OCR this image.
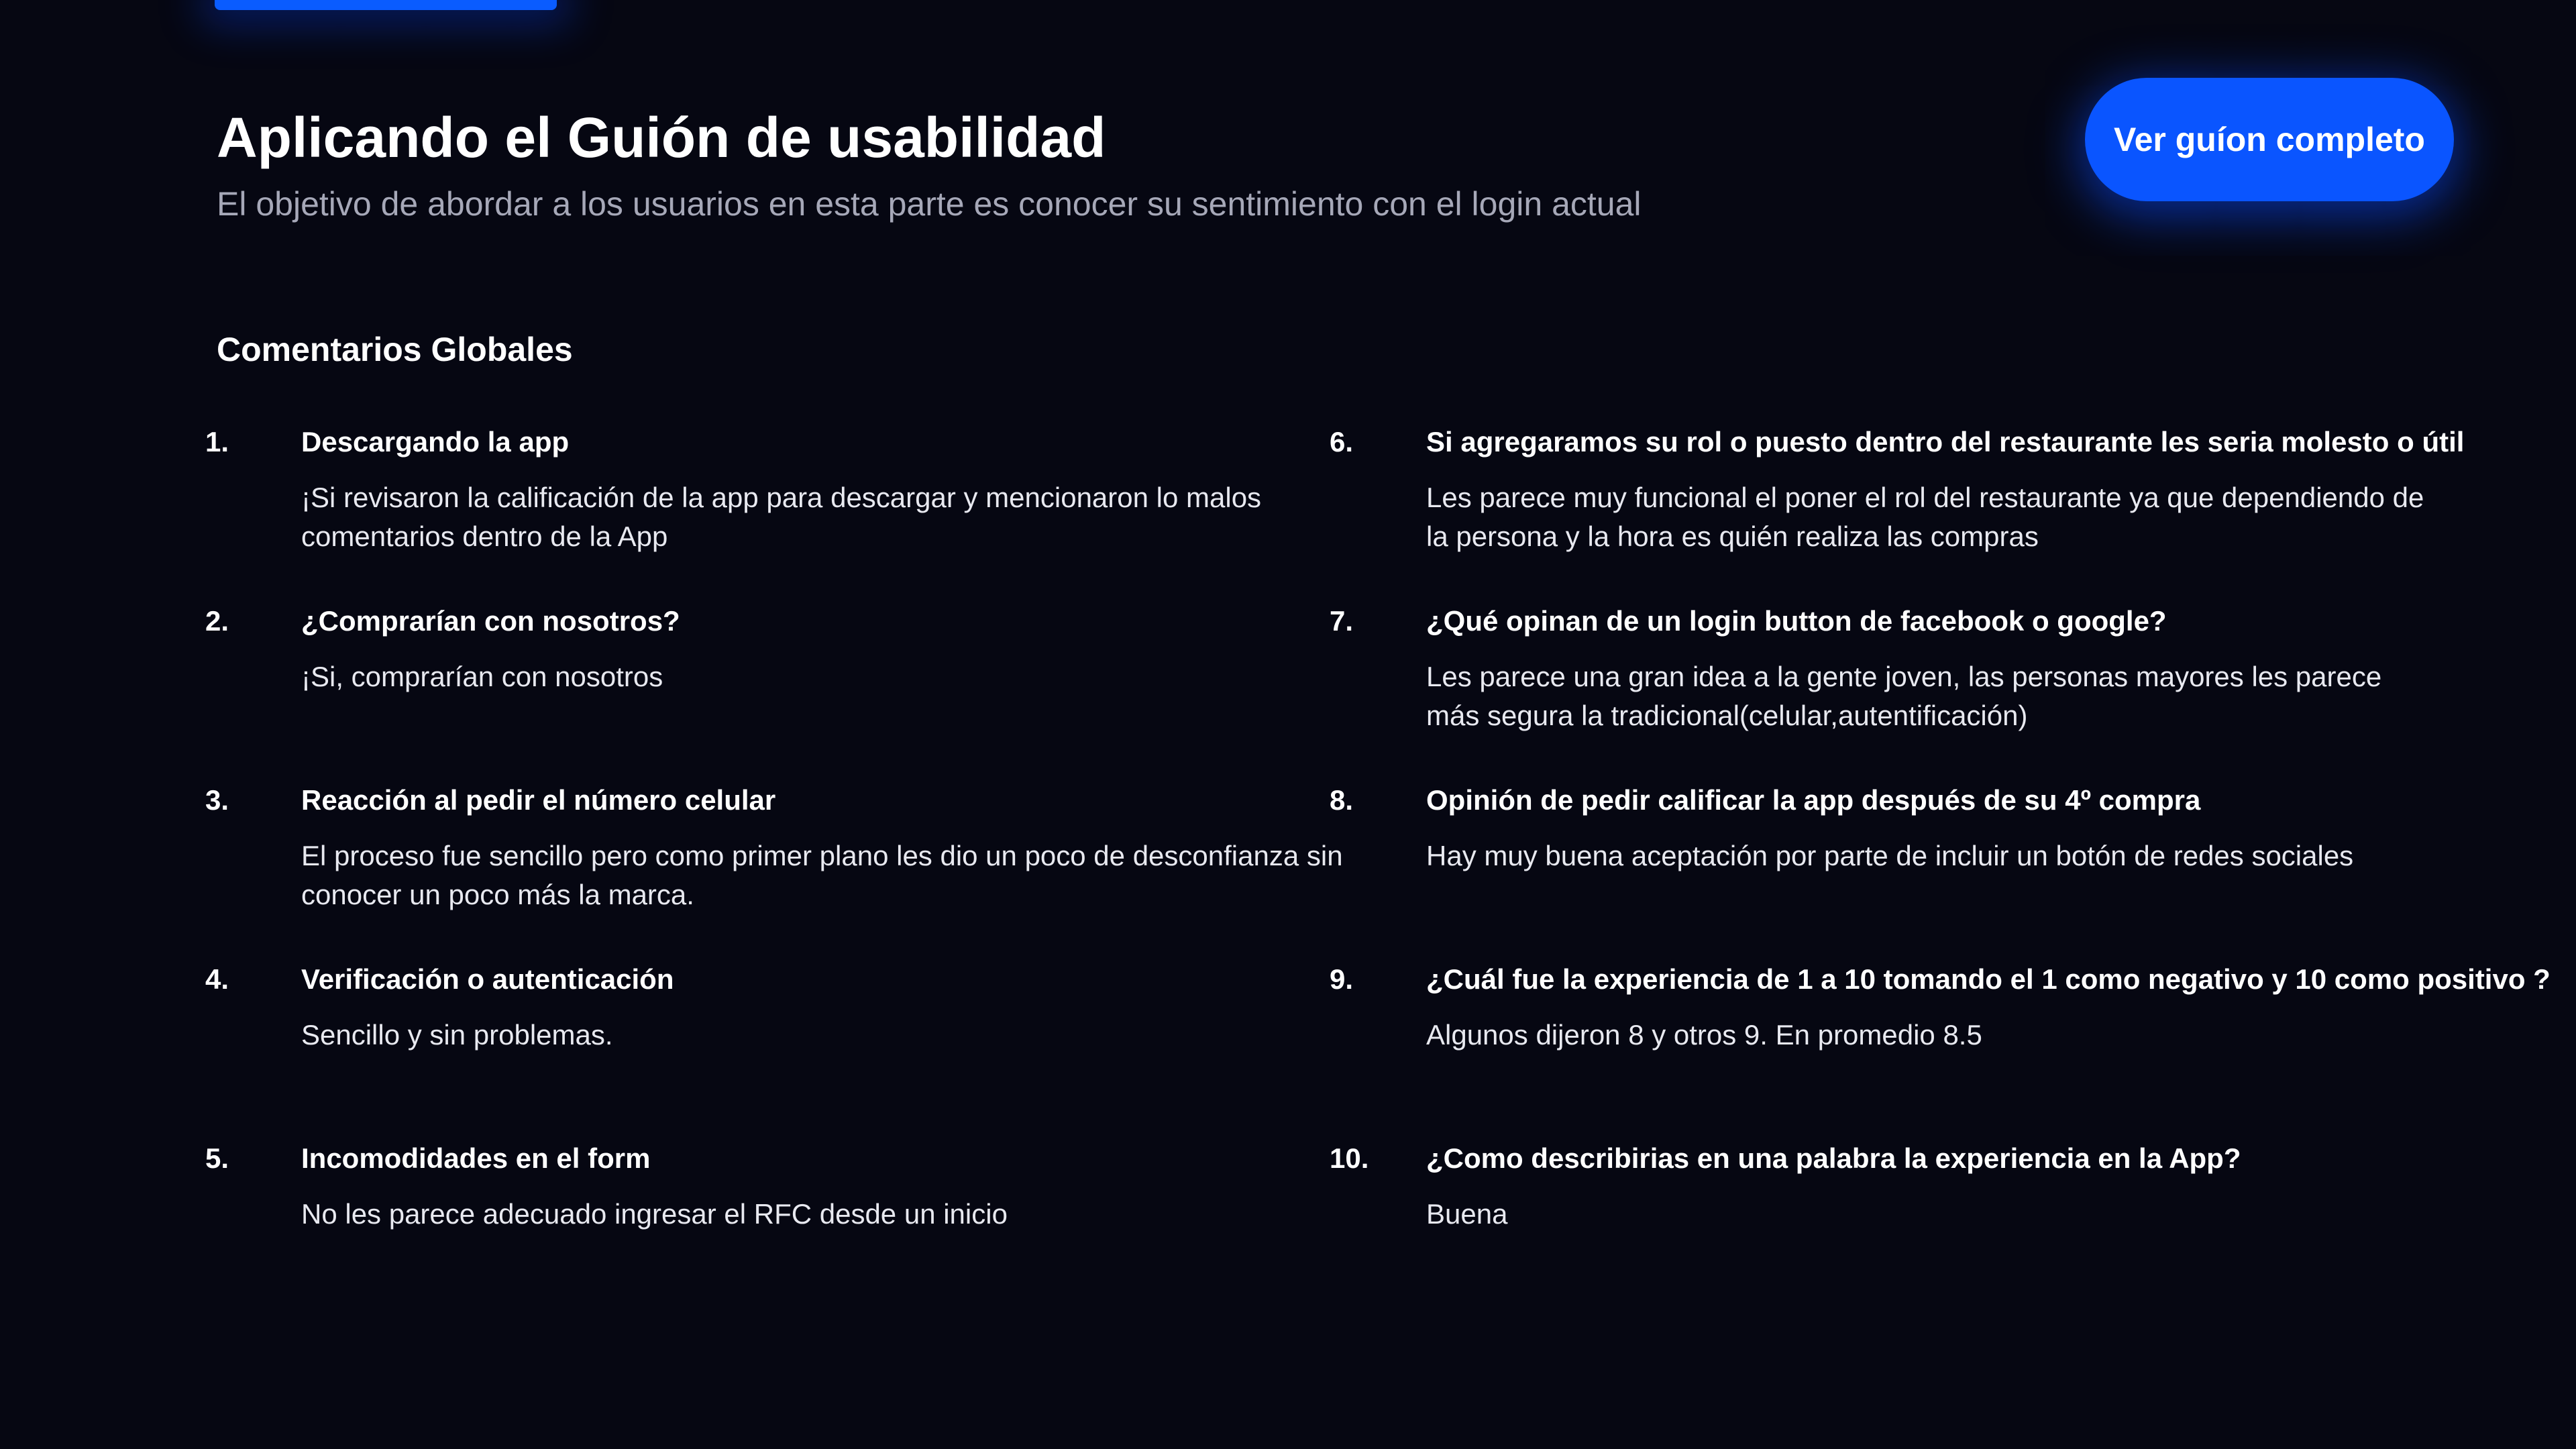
Aplicando el Guión de usabilidad

El objetivo de abordar a los usuarios en esta parte es conocer su sentimiento con el login actual

Ver guíon completo
Comentarios Globales
1.	Descargando la app

¡Si revisaron la calificación de la app para descargar y mencionaron lo malos comentarios dentro de la App

2.	¿Comprarían con nosotros?

¡Si, comprarían con nosotros

3.	Reacción al pedir el número celular

El proceso fue sencillo pero como primer plano les dio un poco de desconfianza sin conocer un poco más la marca.

4.	Verificación o autenticación

Sencillo y sin problemas.

5.	Incomodidades en el form

No les parece adecuado ingresar el RFC desde un inicio

6.	Si agregaramos su rol o puesto dentro del restaurante les seria molesto o útil

Les parece muy funcional el poner el rol del restaurante ya que dependiendo de la persona y la hora es quién realiza las compras

7.	¿Qué opinan de un login button de facebook o google?

Les parece una gran idea a la gente joven, las personas mayores les parece más segura la tradicional(celular,autentificación)

8.	Opinión de pedir calificar la app después de su 4º compra

Hay muy buena aceptación por parte de incluir un botón de redes sociales

9.	¿Cuál fue la experiencia de 1 a 10 tomando el 1 como negativo y 10 como positivo ?

Algunos dijeron 8 y otros 9. En promedio 8.5

10. ¿Como describirias en una palabra la experiencia en la App?

Buena
